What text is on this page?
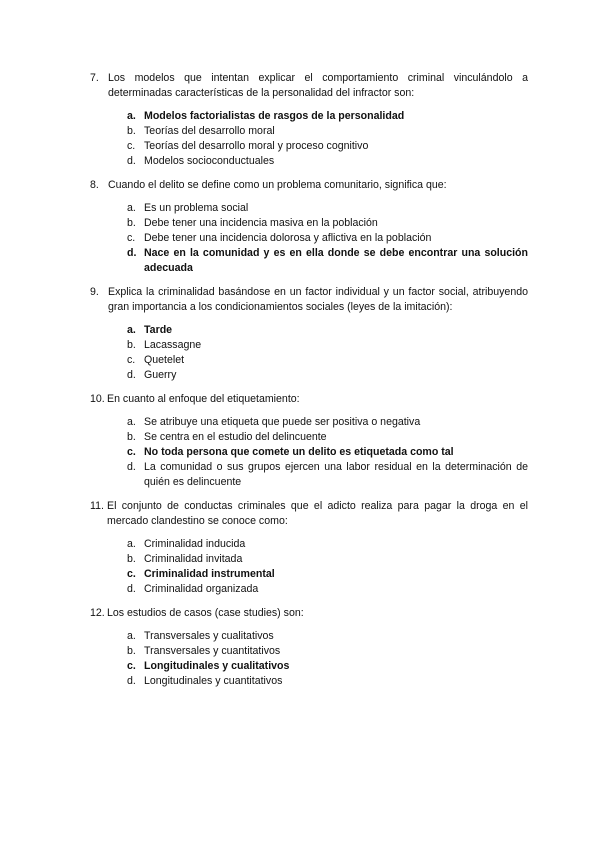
7. Los modelos que intentan explicar el comportamiento criminal vinculándolo a determinadas características de la personalidad del infractor son:
a. Modelos factorialistas de rasgos de la personalidad
b. Teorías del desarrollo moral
c. Teorías del desarrollo moral y proceso cognitivo
d. Modelos socioconductuales
8. Cuando el delito se define como un problema comunitario, significa que:
a. Es un problema social
b. Debe tener una incidencia masiva en la población
c. Debe tener una incidencia dolorosa y aflictiva en la población
d. Nace en la comunidad y es en ella donde se debe encontrar una solución adecuada
9. Explica la criminalidad basándose en un factor individual y un factor social, atribuyendo gran importancia a los condicionamientos sociales (leyes de la imitación):
a. Tarde
b. Lacassagne
c. Quetelet
d. Guerry
10. En cuanto al enfoque del etiquetamiento:
a. Se atribuye una etiqueta que puede ser positiva o negativa
b. Se centra en el estudio del delincuente
c. No toda persona que comete un delito es etiquetada como tal
d. La comunidad o sus grupos ejercen una labor residual en la determinación de quién es delincuente
11. El conjunto de conductas criminales que el adicto realiza para pagar la droga en el mercado clandestino se conoce como:
a. Criminalidad inducida
b. Criminalidad invitada
c. Criminalidad instrumental
d. Criminalidad organizada
12. Los estudios de casos (case studies) son:
a. Transversales y cualitativos
b. Transversales y cuantitativos
c. Longitudinales y cualitativos
d. Longitudinales y cuantitativos
